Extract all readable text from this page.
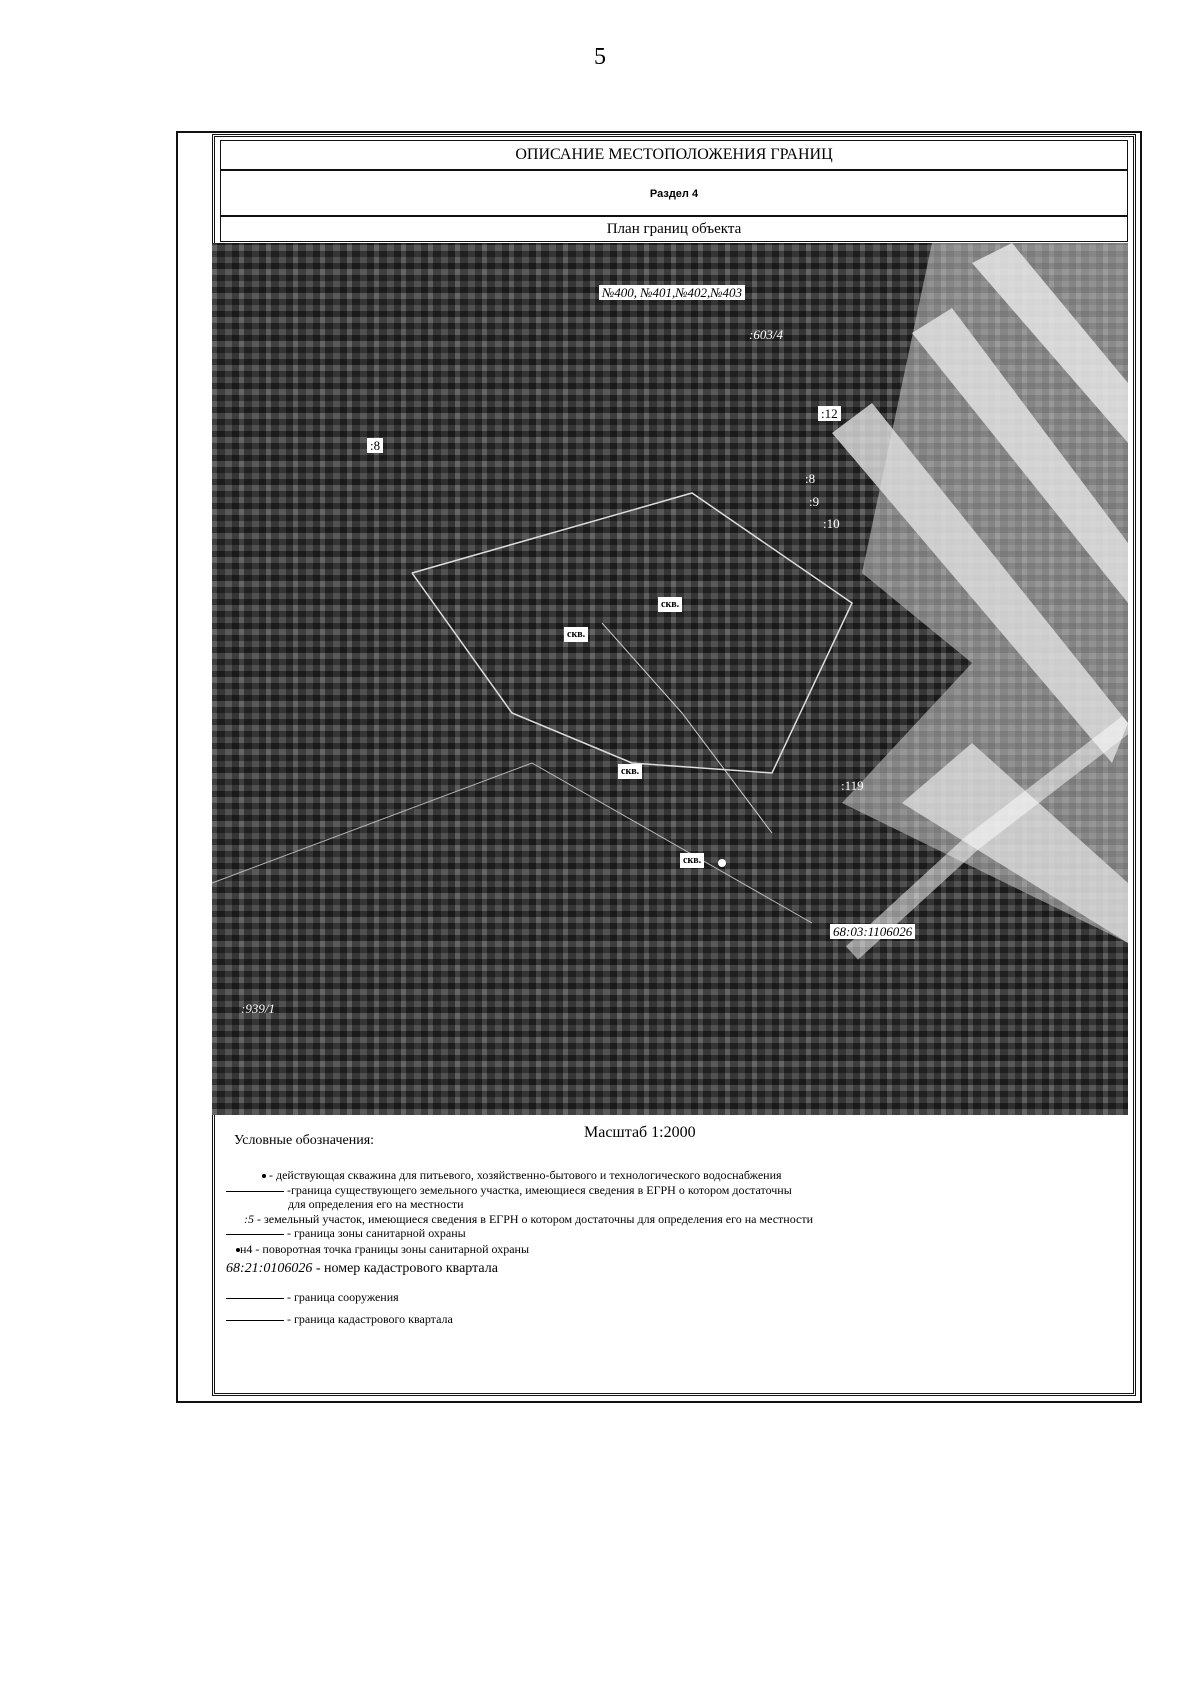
5
ОПИСАНИЕ МЕСТОПОЛОЖЕНИЯ ГРАНИЦ
Раздел 4
План границ объекта
№400, №401,№402,№403
:603/4
:8
:12
:8
:9
:10
скв.
скв.
скв.
скв.
:119
68:03:1106026
:939/1
Масштаб 1:2000
Условные обозначения:
- действующая скважина для питьевого, хозяйственно-бытового и технологического водоснабжения
-граница существующего земельного участка, имеющиеся сведения в ЕГРН о котором достаточны
для определения его на местности
:5 - земельный участок, имеющиеся сведения в ЕГРН о котором достаточны для определения его на местности
- граница зоны санитарной охраны
н4 - поворотная точка границы зоны санитарной охраны
68:21:0106026 - номер кадастрового квартала
- граница сооружения
- граница кадастрового квартала
